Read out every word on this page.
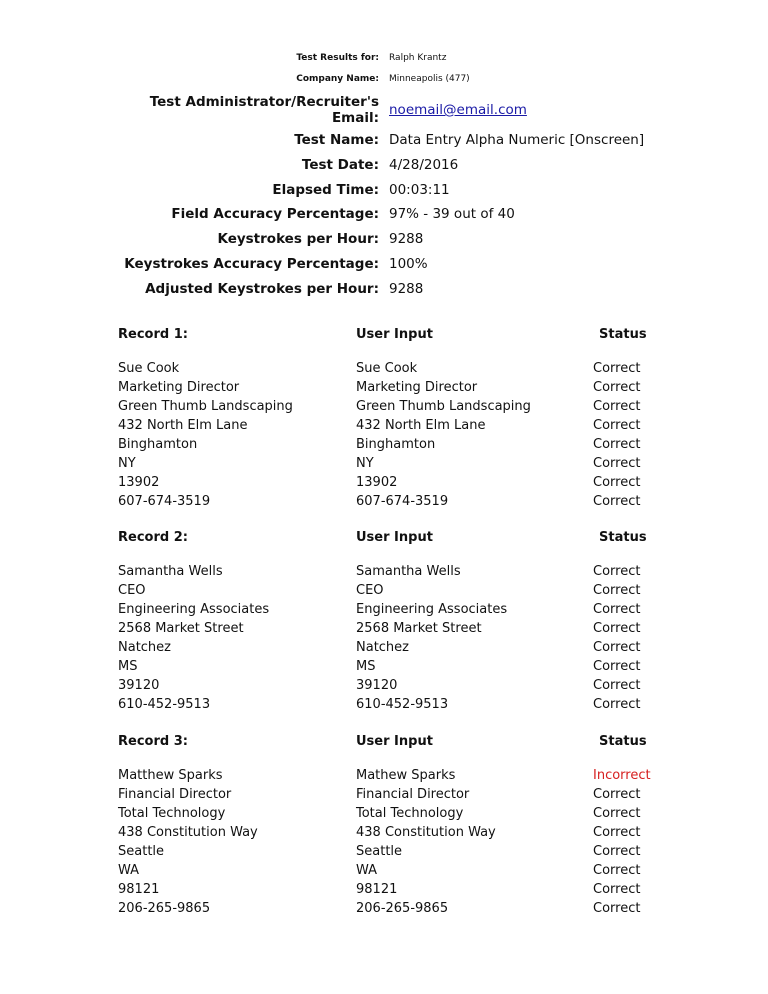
Test Results for: Ralph Krantz
Company Name: Minneapolis (477)
Test Administrator/Recruiter's
Email: noemail@email.com
Test Name: Data Entry Alpha Numeric [Onscreen]
Test Date: 4/28/2016
Elapsed Time: 00:03:11
Field Accuracy Percentage: 97% - 39 out of 40
Keystrokes per Hour: 9288
Keystrokes Accuracy Percentage: 100%
Adjusted Keystrokes per Hour: 9288
Record 1:	User Input	Status
Sue Cook	Sue Cook	Correct
Marketing Director	Marketing Director	Correct
Green Thumb Landscaping	Green Thumb Landscaping	Correct
432 North Elm Lane	432 North Elm Lane	Correct
Binghamton	Binghamton	Correct
NY	NY	Correct
13902	13902	Correct
607-674-3519	607-674-3519	Correct
Record 2:	User Input	Status
Samantha Wells	Samantha Wells	Correct
CEO	CEO	Correct
Engineering Associates	Engineering Associates	Correct
2568 Market Street	2568 Market Street	Correct
Natchez	Natchez	Correct
MS	MS	Correct
39120	39120	Correct
610-452-9513	610-452-9513	Correct
Record 3:	User Input	Status
Matthew Sparks	Mathew Sparks	Incorrect
Financial Director	Financial Director	Correct
Total Technology	Total Technology	Correct
438 Constitution Way	438 Constitution Way	Correct
Seattle	Seattle	Correct
WA	WA	Correct
98121	98121	Correct
206-265-9865	206-265-9865	Correct
